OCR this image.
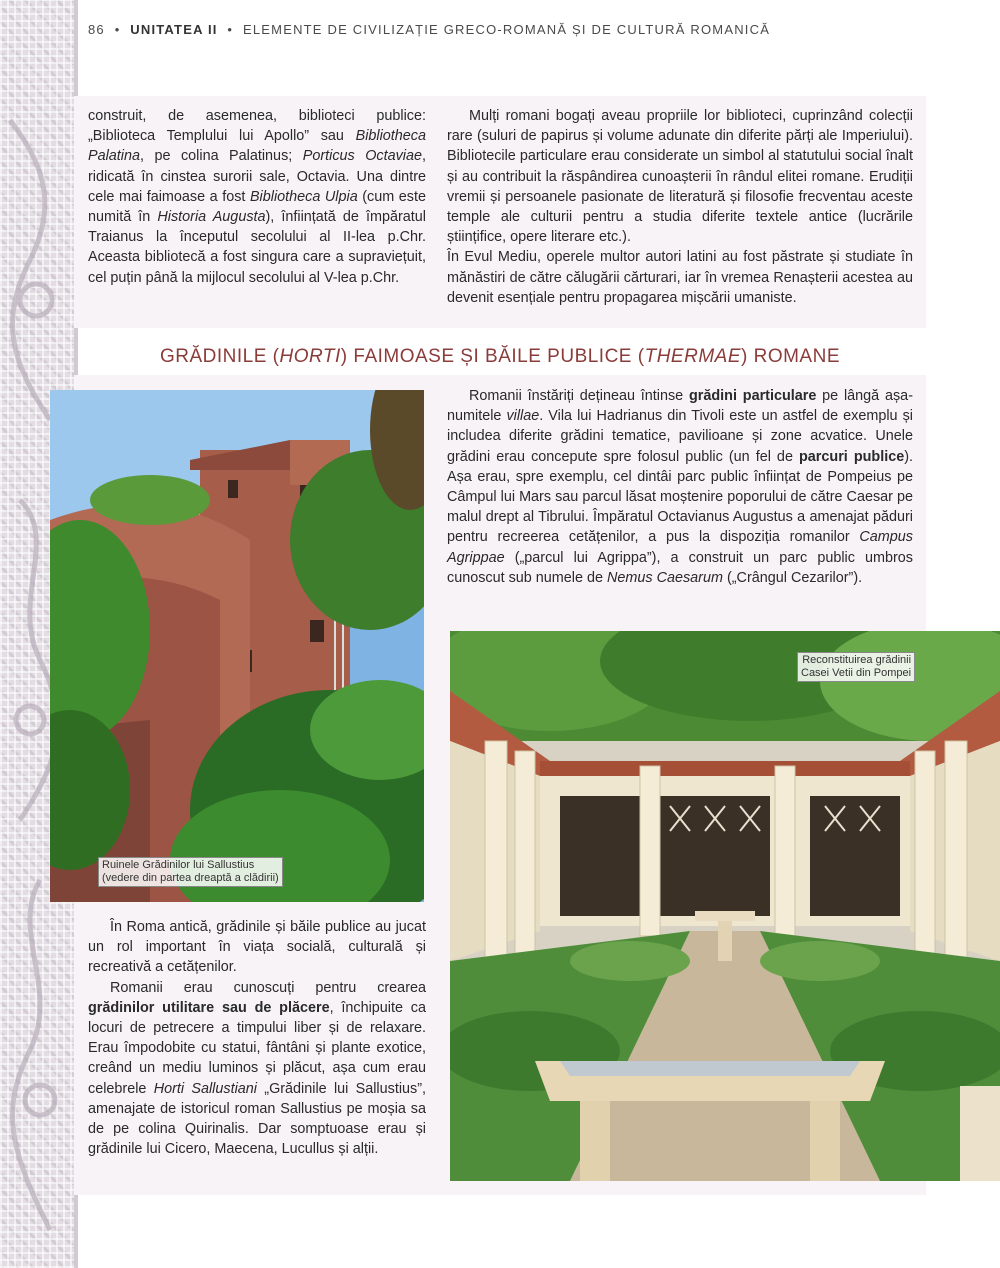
86 • UNITATEA II • ELEMENTE DE CIVILIZAȚIE GRECO-ROMANĂ ȘI DE CULTURĂ ROMANICĂ

construit, de asemenea, biblioteci publice: „Biblioteca Templului lui Apollo” sau Bibliotheca Palatina, pe colina Palatinus; Porticus Octaviae, ridicată în cinstea surorii sale, Octavia. Una dintre cele mai faimoase a fost Bibliotheca Ulpia (cum este numită în Historia Augusta), înființată de împăratul Traianus la începutul secolului al II-lea p.Chr. Aceasta bibliotecă a fost singura care a supraviețuit, cel puțin până la mijlocul secolului al V-lea p.Chr.

Mulți romani bogați aveau propriile lor biblioteci, cuprinzând colecții rare (suluri de papirus și volume adunate din diferite părți ale Imperiului). Bibliotecile particulare erau considerate un simbol al statutului social înalt și au contribuit la răspândirea cunoașterii în rândul elitei romane. Erudiții vremii și persoanele pasionate de literatură și filosofie frecventau aceste temple ale culturii pentru a studia diferite textele antice (lucrările științifice, opere literare etc.).

În Evul Mediu, operele multor autori latini au fost păstrate și studiate în mănăstiri de către călugării cărturari, iar în vremea Renașterii acestea au devenit esențiale pentru propagarea mișcării umaniste.

GRĂDINILE (HORTI) FAIMOASE ȘI BĂILE PUBLICE (THERMAE) ROMANE
Ruinele Grădinilor lui Sallustius
(vedere din partea dreaptă a clădirii)

Romanii înstăriți dețineau întinse grădini particulare pe lângă așa-numitele villae. Vila lui Hadrianus din Tivoli este un astfel de exemplu și includea diferite grădini tematice, pavilioane și zone acvatice. Unele grădini erau concepute spre folosul public (un fel de parcuri publice). Așa erau, spre exemplu, cel dintâi parc public înființat de Pompeius pe Câmpul lui Mars sau parcul lăsat moștenire poporului de către Caesar pe malul drept al Tibrului. Împăratul Octavianus Augustus a amenajat păduri pentru recreerea cetățenilor, a pus la dispoziția romanilor Campus Agrippae („parcul lui Agrippa”), a construit un parc public umbros cunoscut sub numele de Nemus Caesarum („Crângul Cezarilor”).

Reconstituirea grădinii
Casei Vetii din Pompei

În Roma antică, grădinile și băile publice au jucat un rol important în viața socială, culturală și recreativă a cetățenilor.

Romanii erau cunoscuți pentru crearea grădinilor utilitare sau de plăcere, închipuite ca locuri de petrecere a timpului liber și de relaxare. Erau împodobite cu statui, fântâni și plante exotice, creând un mediu luminos și plăcut, așa cum erau celebrele Horti Sallustiani „Grădinile lui Sallustius”, amenajate de istoricul roman Sallustius pe moșia sa de pe colina Quirinalis. Dar somptuoase erau și grădinile lui Cicero, Maecena, Lucullus și alții.
